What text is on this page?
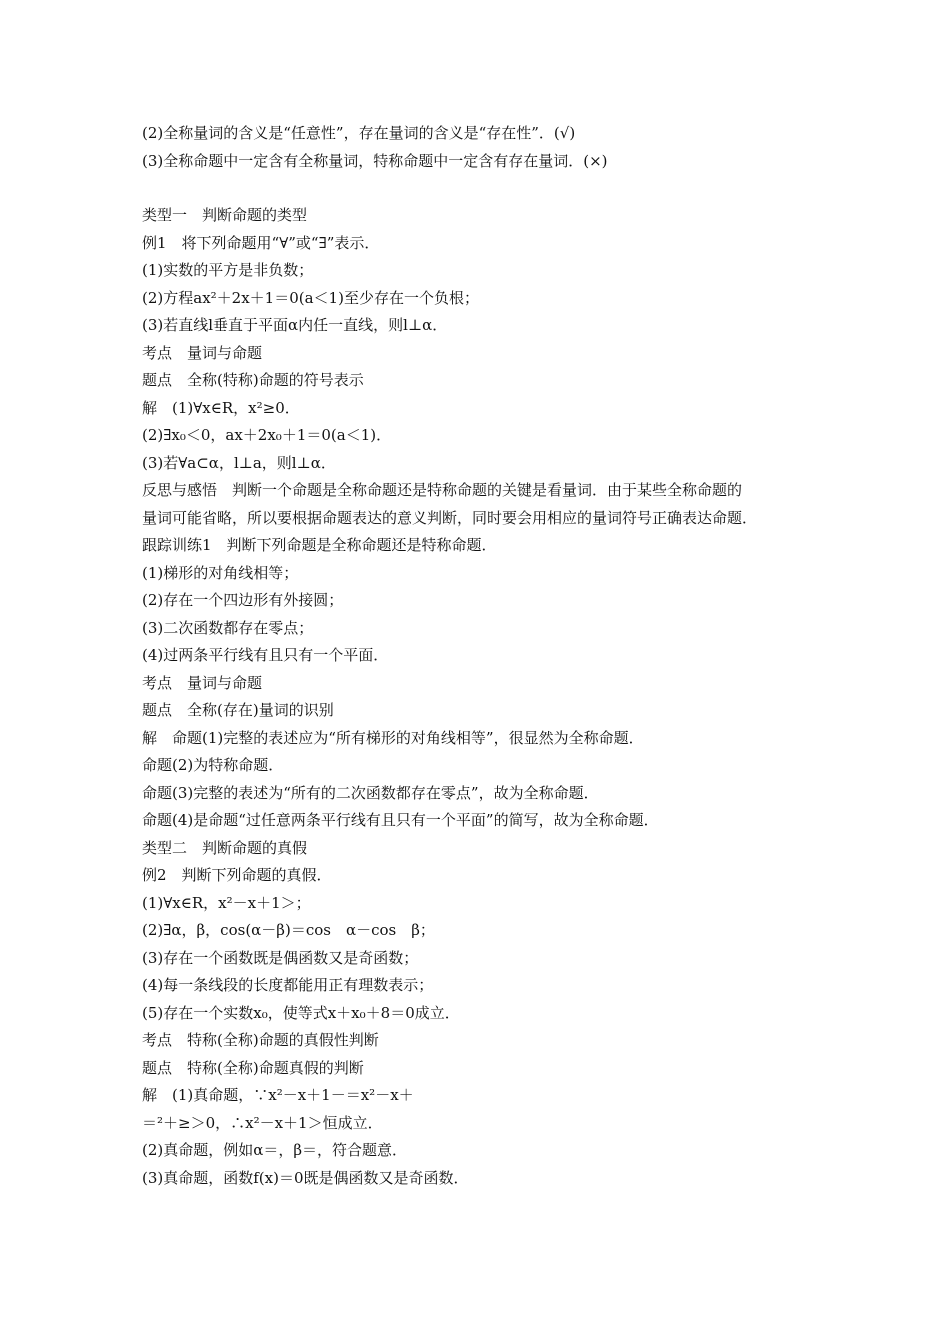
(2)全称量词的含义是“任意性”，存在量词的含义是“存在性”．(√)
(3)全称命题中一定含有全称量词，特称命题中一定含有存在量词．(×)
类型一　判断命题的类型
例1　将下列命题用“∀”或“∃”表示．
(1)实数的平方是非负数；
(2)方程ax²＋2x＋1＝0(a＜1)至少存在一个负根；
(3)若直线l垂直于平面α内任一直线，则l⊥α．
考点　量词与命题
题点　全称(特称)命题的符号表示
解　(1)∀x∈R，x²≥0．
(2)∃x₀＜0，ax＋2x₀＋1＝0(a＜1)．
(3)若∀a⊂α，l⊥a，则l⊥α．
反思与感悟　判断一个命题是全称命题还是特称命题的关键是看量词．由于某些全称命题的
量词可能省略，所以要根据命题表达的意义判断，同时要会用相应的量词符号正确表达命题．
跟踪训练1　判断下列命题是全称命题还是特称命题．
(1)梯形的对角线相等；
(2)存在一个四边形有外接圆；
(3)二次函数都存在零点；
(4)过两条平行线有且只有一个平面．
考点　量词与命题
题点　全称(存在)量词的识别
解　命题(1)完整的表述应为“所有梯形的对角线相等”，很显然为全称命题．
命题(2)为特称命题．
命题(3)完整的表述为“所有的二次函数都存在零点”，故为全称命题．
命题(4)是命题“过任意两条平行线有且只有一个平面”的简写，故为全称命题．
类型二　判断命题的真假
例2　判断下列命题的真假．
(1)∀x∈R，x²－x＋1＞；
(2)∃α，β，cos(α－β)＝cos　α－cos　β；
(3)存在一个函数既是偶函数又是奇函数；
(4)每一条线段的长度都能用正有理数表示；
(5)存在一个实数x₀，使等式x＋x₀＋8＝0成立．
考点　特称(全称)命题的真假性判断
题点　特称(全称)命题真假的判断
解　(1)真命题，∵x²－x＋1－＝x²－x＋
＝²＋≥＞0，∴x²－x＋1＞恒成立．
(2)真命题，例如α＝，β＝，符合题意．
(3)真命题，函数f(x)＝0既是偶函数又是奇函数．
